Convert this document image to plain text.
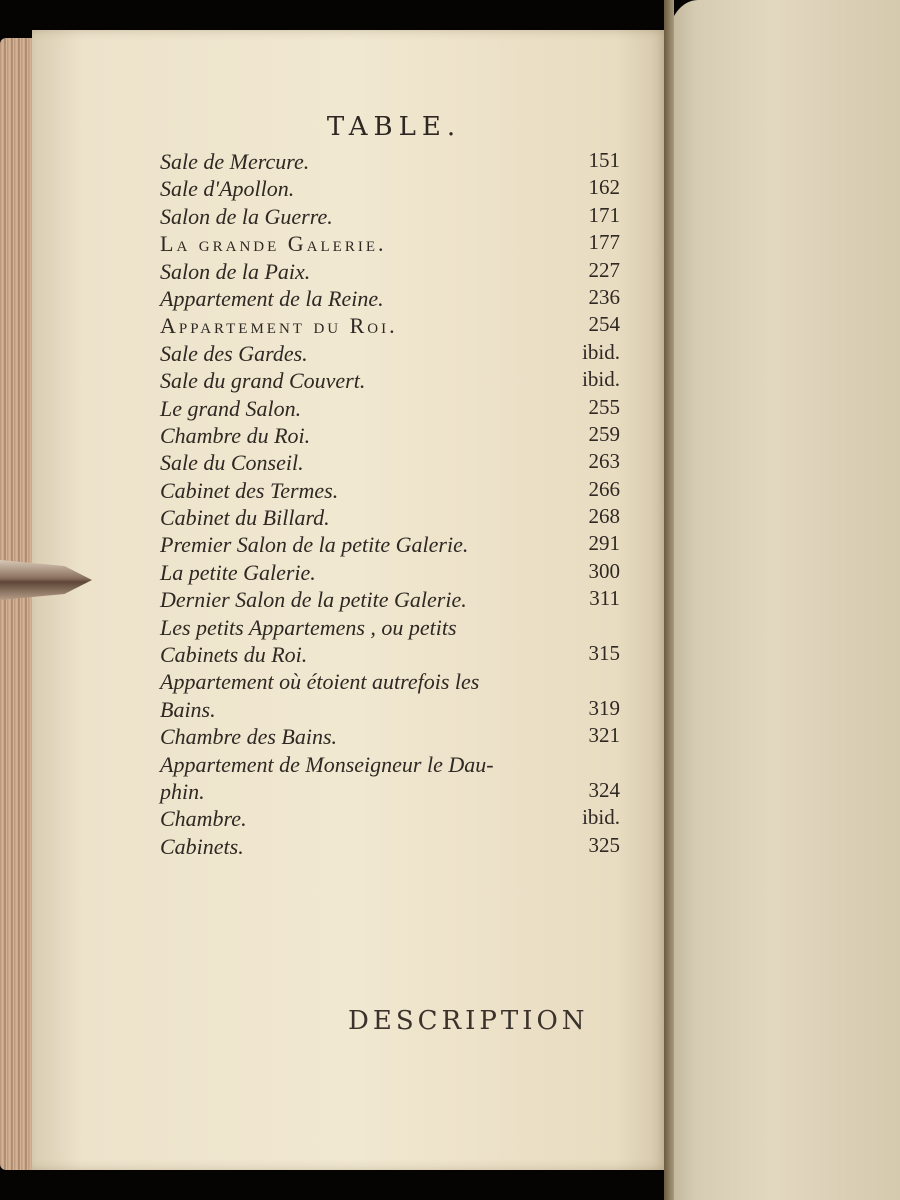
TABLE.
Sale de Mercure.	151
Sale d'Apollon.	162
Salon de la Guerre.	171
La grande Galerie.	177
Salon de la Paix.	227
Appartement de la Reine.	236
Appartement du Roi.	254
Sale des Gardes.	ibid.
Sale du grand Couvert.	ibid.
Le grand Salon.	255
Chambre du Roi.	259
Sale du Conseil.	263
Cabinet des Termes.	266
Cabinet du Billard.	268
Premier Salon de la petite Galerie.	291
La petite Galerie.	300
Dernier Salon de la petite Galerie.	311
Les petits Appartemens , ou petits
Cabinets du Roi.	315
Appartement où étoient autrefois les
Bains.	319
Chambre des Bains.	321
Appartement de Monseigneur le Dau-
phin.	324
Chambre.	ibid.
Cabinets.	325
DESCRIPTION
